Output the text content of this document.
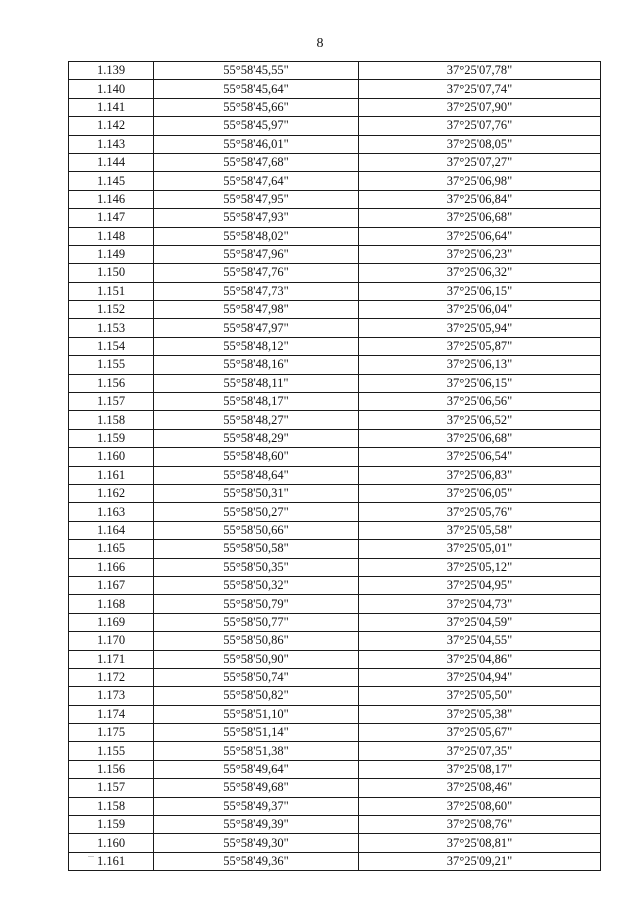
8
1.139	55°58'45,55"	37°25'07,78"
1.140	55°58'45,64"	37°25'07,74"
1.141	55°58'45,66"	37°25'07,90"
1.142	55°58'45,97"	37°25'07,76"
1.143	55°58'46,01"	37°25'08,05"
1.144	55°58'47,68"	37°25'07,27"
1.145	55°58'47,64"	37°25'06,98"
1.146	55°58'47,95"	37°25'06,84"
1.147	55°58'47,93"	37°25'06,68"
1.148	55°58'48,02"	37°25'06,64"
1.149	55°58'47,96"	37°25'06,23"
1.150	55°58'47,76"	37°25'06,32"
1.151	55°58'47,73"	37°25'06,15"
1.152	55°58'47,98"	37°25'06,04"
1.153	55°58'47,97"	37°25'05,94"
1.154	55°58'48,12"	37°25'05,87"
1.155	55°58'48,16"	37°25'06,13"
1.156	55°58'48,11"	37°25'06,15"
1.157	55°58'48,17"	37°25'06,56"
1.158	55°58'48,27"	37°25'06,52"
1.159	55°58'48,29"	37°25'06,68"
1.160	55°58'48,60"	37°25'06,54"
1.161	55°58'48,64"	37°25'06,83"
1.162	55°58'50,31"	37°25'06,05"
1.163	55°58'50,27"	37°25'05,76"
1.164	55°58'50,66"	37°25'05,58"
1.165	55°58'50,58"	37°25'05,01"
1.166	55°58'50,35"	37°25'05,12"
1.167	55°58'50,32"	37°25'04,95"
1.168	55°58'50,79"	37°25'04,73"
1.169	55°58'50,77"	37°25'04,59"
1.170	55°58'50,86"	37°25'04,55"
1.171	55°58'50,90"	37°25'04,86"
1.172	55°58'50,74"	37°25'04,94"
1.173	55°58'50,82"	37°25'05,50"
1.174	55°58'51,10"	37°25'05,38"
1.175	55°58'51,14"	37°25'05,67"
1.155	55°58'51,38"	37°25'07,35"
1.156	55°58'49,64"	37°25'08,17"
1.157	55°58'49,68"	37°25'08,46"
1.158	55°58'49,37"	37°25'08,60"
1.159	55°58'49,39"	37°25'08,76"
1.160	55°58'49,30"	37°25'08,81"
1.161	55°58'49,36"	37°25'09,21"
